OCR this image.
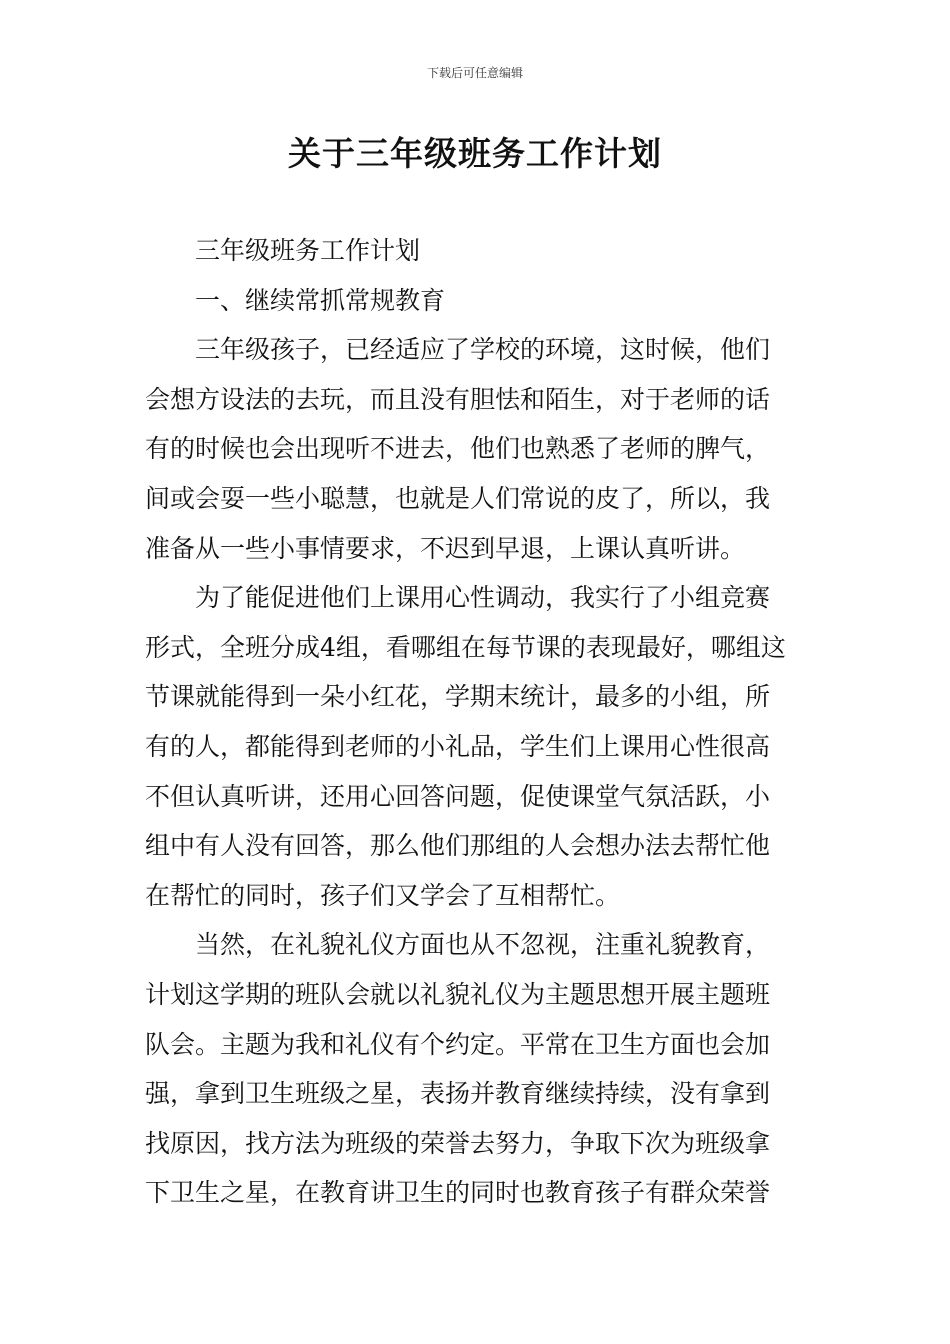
下载后可任意编辑
关于三年级班务工作计划
三年级班务工作计划
一、继续常抓常规教育
三年级孩子，已经适应了学校的环境，这时候，他们
会想方设法的去玩，而且没有胆怯和陌生，对于老师的话
有的时候也会出现听不进去，他们也熟悉了老师的脾气，
间或会耍一些小聪慧，也就是人们常说的皮了，所以，我
准备从一些小事情要求，不迟到早退，上课认真听讲。
为了能促进他们上课用心性调动，我实行了小组竞赛
形式，全班分成4组，看哪组在每节课的表现最好，哪组这
节课就能得到一朵小红花，学期末统计，最多的小组，所
有的人，都能得到老师的小礼品，学生们上课用心性很高
不但认真听讲，还用心回答问题，促使课堂气氛活跃，小
组中有人没有回答，那么他们那组的人会想办法去帮忙他
在帮忙的同时，孩子们又学会了互相帮忙。
当然，在礼貌礼仪方面也从不忽视，注重礼貌教育，
计划这学期的班队会就以礼貌礼仪为主题思想开展主题班
队会。主题为我和礼仪有个约定。平常在卫生方面也会加
强，拿到卫生班级之星，表扬并教育继续持续，没有拿到
找原因，找方法为班级的荣誉去努力，争取下次为班级拿
下卫生之星，在教育讲卫生的同时也教育孩子有群众荣誉
